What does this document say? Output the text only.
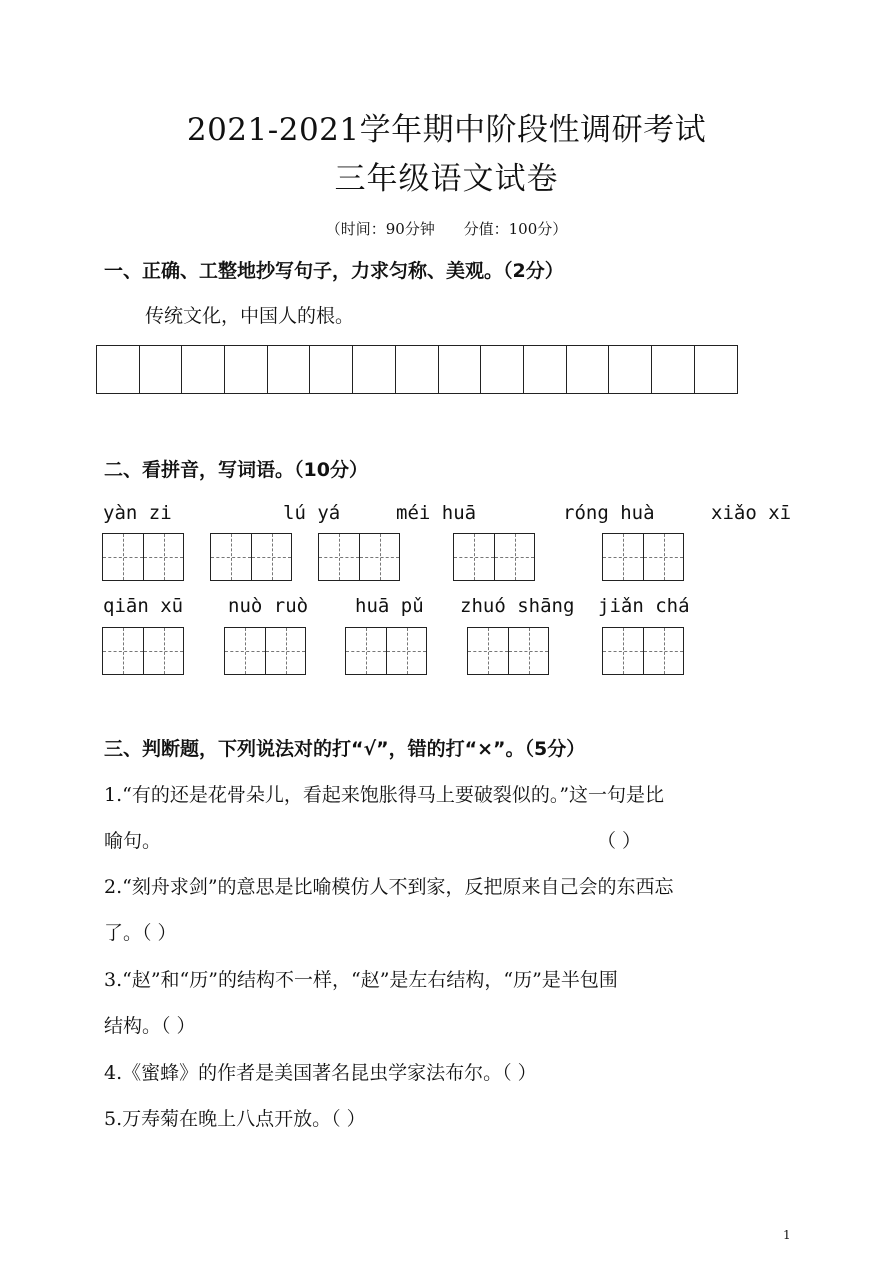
2021-2021学年期中阶段性调研考试
三年级语文试卷
（时间：90分钟 分值：100分）
一、正确、工整地抄写句子，力求匀称、美观。（2分）
传统文化，中国人的根。
二、看拼音，写词语。（10分）
yàn zi	lú yá	méi huā	róng huà	xiǎo xī
qiān xū nuò ruò huā pǔ zhuó shāng jiǎn chá
三、判断题，下列说法对的打“√”，错的打“×”。（5分）
1.“有的还是花骨朵儿，看起来饱胀得马上要破裂似的。”这一句是比
喻句。	（ ）
2.“刻舟求剑”的意思是比喻模仿人不到家，反把原来自己会的东西忘
了。（ ）
3.“赵”和“历”的结构不一样，“赵”是左右结构，“历”是半包围
结构。（ ）
4.《蜜蜂》的作者是美国著名昆虫学家法布尔。（ ）
5.万寿菊在晚上八点开放。（ ）
1
